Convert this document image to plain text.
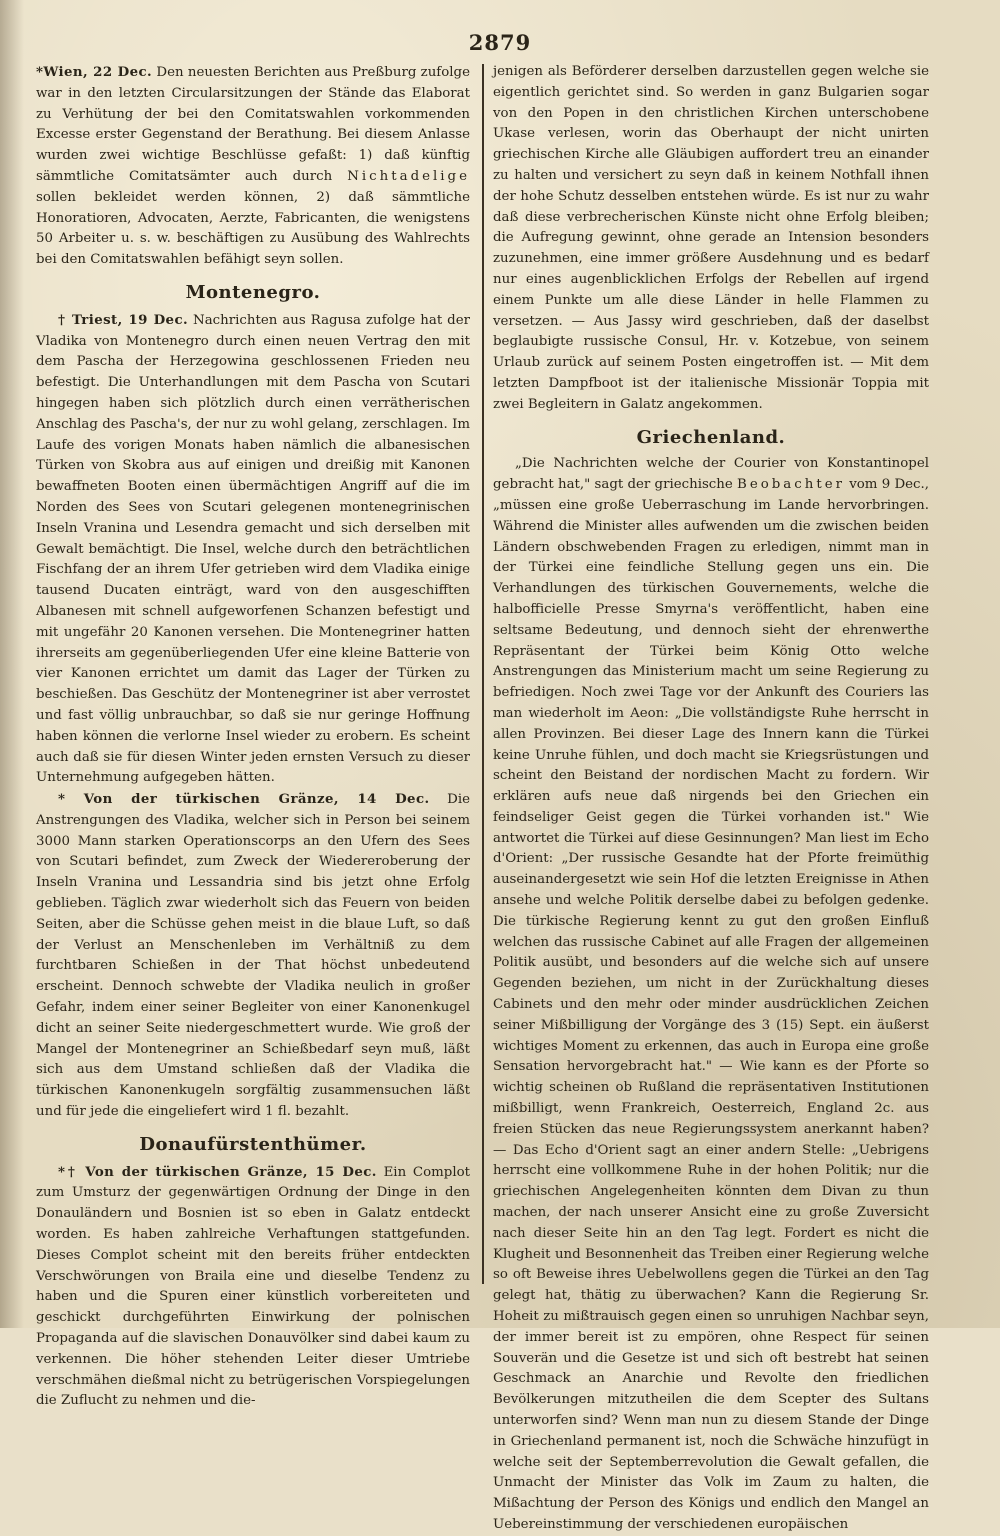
2879

*Wien, 22 Dec. Den neuesten Berichten aus Preßburg zufolge war in den letzten Circularsitzungen der Stände das Elaborat zu Verhütung der bei den Comitatswahlen vorkommenden Excesse erster Gegenstand der Berathung. Bei diesem Anlasse wurden zwei wichtige Beschlüsse gefaßt: 1) daß künftig sämmtliche Comitatsämter auch durch Nichtadelige sollen bekleidet werden können, 2) daß sämmtliche Honoratioren, Advocaten, Aerzte, Fabricanten, die wenigstens 50 Arbeiter u. s. w. beschäftigen zu Ausübung des Wahlrechts bei den Comitatswahlen befähigt seyn sollen.

Montenegro.

† Triest, 19 Dec. Nachrichten aus Ragusa zufolge hat der Vladika von Montenegro durch einen neuen Vertrag den mit dem Pascha der Herzegowina geschlossenen Frieden neu befestigt. Die Unterhandlungen mit dem Pascha von Scutari hingegen haben sich plötzlich durch einen verrätherischen Anschlag des Pascha's, der nur zu wohl gelang, zerschlagen. Im Laufe des vorigen Monats haben nämlich die albanesischen Türken von Skobra aus auf einigen und dreißig mit Kanonen bewaffneten Booten einen übermächtigen Angriff auf die im Norden des Sees von Scutari gelegenen montenegrinischen Inseln Vranina und Lesendra gemacht und sich derselben mit Gewalt bemächtigt. Die Insel, welche durch den beträchtlichen Fischfang der an ihrem Ufer getrieben wird dem Vladika einige tausend Ducaten einträgt, ward von den ausgeschifften Albanesen mit schnell aufgeworfenen Schanzen befestigt und mit ungefähr 20 Kanonen versehen. Die Montenegriner hatten ihrerseits am gegenüberliegenden Ufer eine kleine Batterie von vier Kanonen errichtet um damit das Lager der Türken zu beschießen. Das Geschütz der Montenegriner ist aber verrostet und fast völlig unbrauchbar, so daß sie nur geringe Hoffnung haben können die verlorne Insel wieder zu erobern. Es scheint auch daß sie für diesen Winter jeden ernsten Versuch zu dieser Unternehmung aufgegeben hätten.

* Von der türkischen Gränze, 14 Dec. Die Anstrengungen des Vladika, welcher sich in Person bei seinem 3000 Mann starken Operationscorps an den Ufern des Sees von Scutari befindet, zum Zweck der Wiedereroberung der Inseln Vranina und Lessandria sind bis jetzt ohne Erfolg geblieben. Täglich zwar wiederholt sich das Feuern von beiden Seiten, aber die Schüsse gehen meist in die blaue Luft, so daß der Verlust an Menschenleben im Verhältniß zu dem furchtbaren Schießen in der That höchst unbedeutend erscheint. Dennoch schwebte der Vladika neulich in großer Gefahr, indem einer seiner Begleiter von einer Kanonenkugel dicht an seiner Seite niedergeschmettert wurde. Wie groß der Mangel der Montenegriner an Schießbedarf seyn muß, läßt sich aus dem Umstand schließen daß der Vladika die türkischen Kanonenkugeln sorgfältig zusammensuchen läßt und für jede die eingeliefert wird 1 fl. bezahlt.

Donaufürstenthümer.

*† Von der türkischen Gränze, 15 Dec. Ein Complot zum Umsturz der gegenwärtigen Ordnung der Dinge in den Donauländern und Bosnien ist so eben in Galatz entdeckt worden. Es haben zahlreiche Verhaftungen stattgefunden. Dieses Complot scheint mit den bereits früher entdeckten Verschwörungen von Braila eine und dieselbe Tendenz zu haben und die Spuren einer künstlich vorbereiteten und geschickt durchgeführten Einwirkung der polnischen Propaganda auf die slavischen Donauvölker sind dabei kaum zu verkennen. Die höher stehenden Leiter dieser Umtriebe verschmähen dießmal nicht zu betrügerischen Vorspiegelungen die Zuflucht zu nehmen und die-

jenigen als Beförderer derselben darzustellen gegen welche sie eigentlich gerichtet sind. So werden in ganz Bulgarien sogar von den Popen in den christlichen Kirchen unterschobene Ukase verlesen, worin das Oberhaupt der nicht unirten griechischen Kirche alle Gläubigen auffordert treu an einander zu halten und versichert zu seyn daß in keinem Nothfall ihnen der hohe Schutz desselben entstehen würde. Es ist nur zu wahr daß diese verbrecherischen Künste nicht ohne Erfolg bleiben; die Aufregung gewinnt, ohne gerade an Intension besonders zuzunehmen, eine immer größere Ausdehnung und es bedarf nur eines augenblicklichen Erfolgs der Rebellen auf irgend einem Punkte um alle diese Länder in helle Flammen zu versetzen. — Aus Jassy wird geschrieben, daß der daselbst beglaubigte russische Consul, Hr. v. Kotzebue, von seinem Urlaub zurück auf seinem Posten eingetroffen ist. — Mit dem letzten Dampfboot ist der italienische Missionär Toppia mit zwei Begleitern in Galatz angekommen.

Griechenland.

„Die Nachrichten welche der Courier von Konstantinopel gebracht hat," sagt der griechische Beobachter vom 9 Dec., „müssen eine große Ueberraschung im Lande hervorbringen. Während die Minister alles aufwenden um die zwischen beiden Ländern obschwebenden Fragen zu erledigen, nimmt man in der Türkei eine feindliche Stellung gegen uns ein. Die Verhandlungen des türkischen Gouvernements, welche die halbofficielle Presse Smyrna's veröffentlicht, haben eine seltsame Bedeutung, und dennoch sieht der ehrenwerthe Repräsentant der Türkei beim König Otto welche Anstrengungen das Ministerium macht um seine Regierung zu befriedigen. Noch zwei Tage vor der Ankunft des Couriers las man wiederholt im Aeon: „Die vollständigste Ruhe herrscht in allen Provinzen. Bei dieser Lage des Innern kann die Türkei keine Unruhe fühlen, und doch macht sie Kriegsrüstungen und scheint den Beistand der nordischen Macht zu fordern. Wir erklären aufs neue daß nirgends bei den Griechen ein feindseliger Geist gegen die Türkei vorhanden ist." Wie antwortet die Türkei auf diese Gesinnungen? Man liest im Echo d'Orient: „Der russische Gesandte hat der Pforte freimüthig auseinandergesetzt wie sein Hof die letzten Ereignisse in Athen ansehe und welche Politik derselbe dabei zu befolgen gedenke. Die türkische Regierung kennt zu gut den großen Einfluß welchen das russische Cabinet auf alle Fragen der allgemeinen Politik ausübt, und besonders auf die welche sich auf unsere Gegenden beziehen, um nicht in der Zurückhaltung dieses Cabinets und den mehr oder minder ausdrücklichen Zeichen seiner Mißbilligung der Vorgänge des 3 (15) Sept. ein äußerst wichtiges Moment zu erkennen, das auch in Europa eine große Sensation hervorgebracht hat." — Wie kann es der Pforte so wichtig scheinen ob Rußland die repräsentativen Institutionen mißbilligt, wenn Frankreich, Oesterreich, England 2c. aus freien Stücken das neue Regierungssystem anerkannt haben? — Das Echo d'Orient sagt an einer andern Stelle: „Uebrigens herrscht eine vollkommene Ruhe in der hohen Politik; nur die griechischen Angelegenheiten könnten dem Divan zu thun machen, der nach unserer Ansicht eine zu große Zuversicht nach dieser Seite hin an den Tag legt. Fordert es nicht die Klugheit und Besonnenheit das Treiben einer Regierung welche so oft Beweise ihres Uebelwollens gegen die Türkei an den Tag gelegt hat, thätig zu überwachen? Kann die Regierung Sr. Hoheit zu mißtrauisch gegen einen so unruhigen Nachbar seyn, der immer bereit ist zu empören, ohne Respect für seinen Souverän und die Gesetze ist und sich oft bestrebt hat seinen Geschmack an Anarchie und Revolte den friedlichen Bevölkerungen mitzutheilen die dem Scepter des Sultans unterworfen sind? Wenn man nun zu diesem Stande der Dinge in Griechenland permanent ist, noch die Schwäche hinzufügt in welche seit der Septemberrevolution die Gewalt gefallen, die Unmacht der Minister das Volk im Zaum zu halten, die Mißachtung der Person des Königs und endlich den Mangel an Uebereinstimmung der verschiedenen europäischen
